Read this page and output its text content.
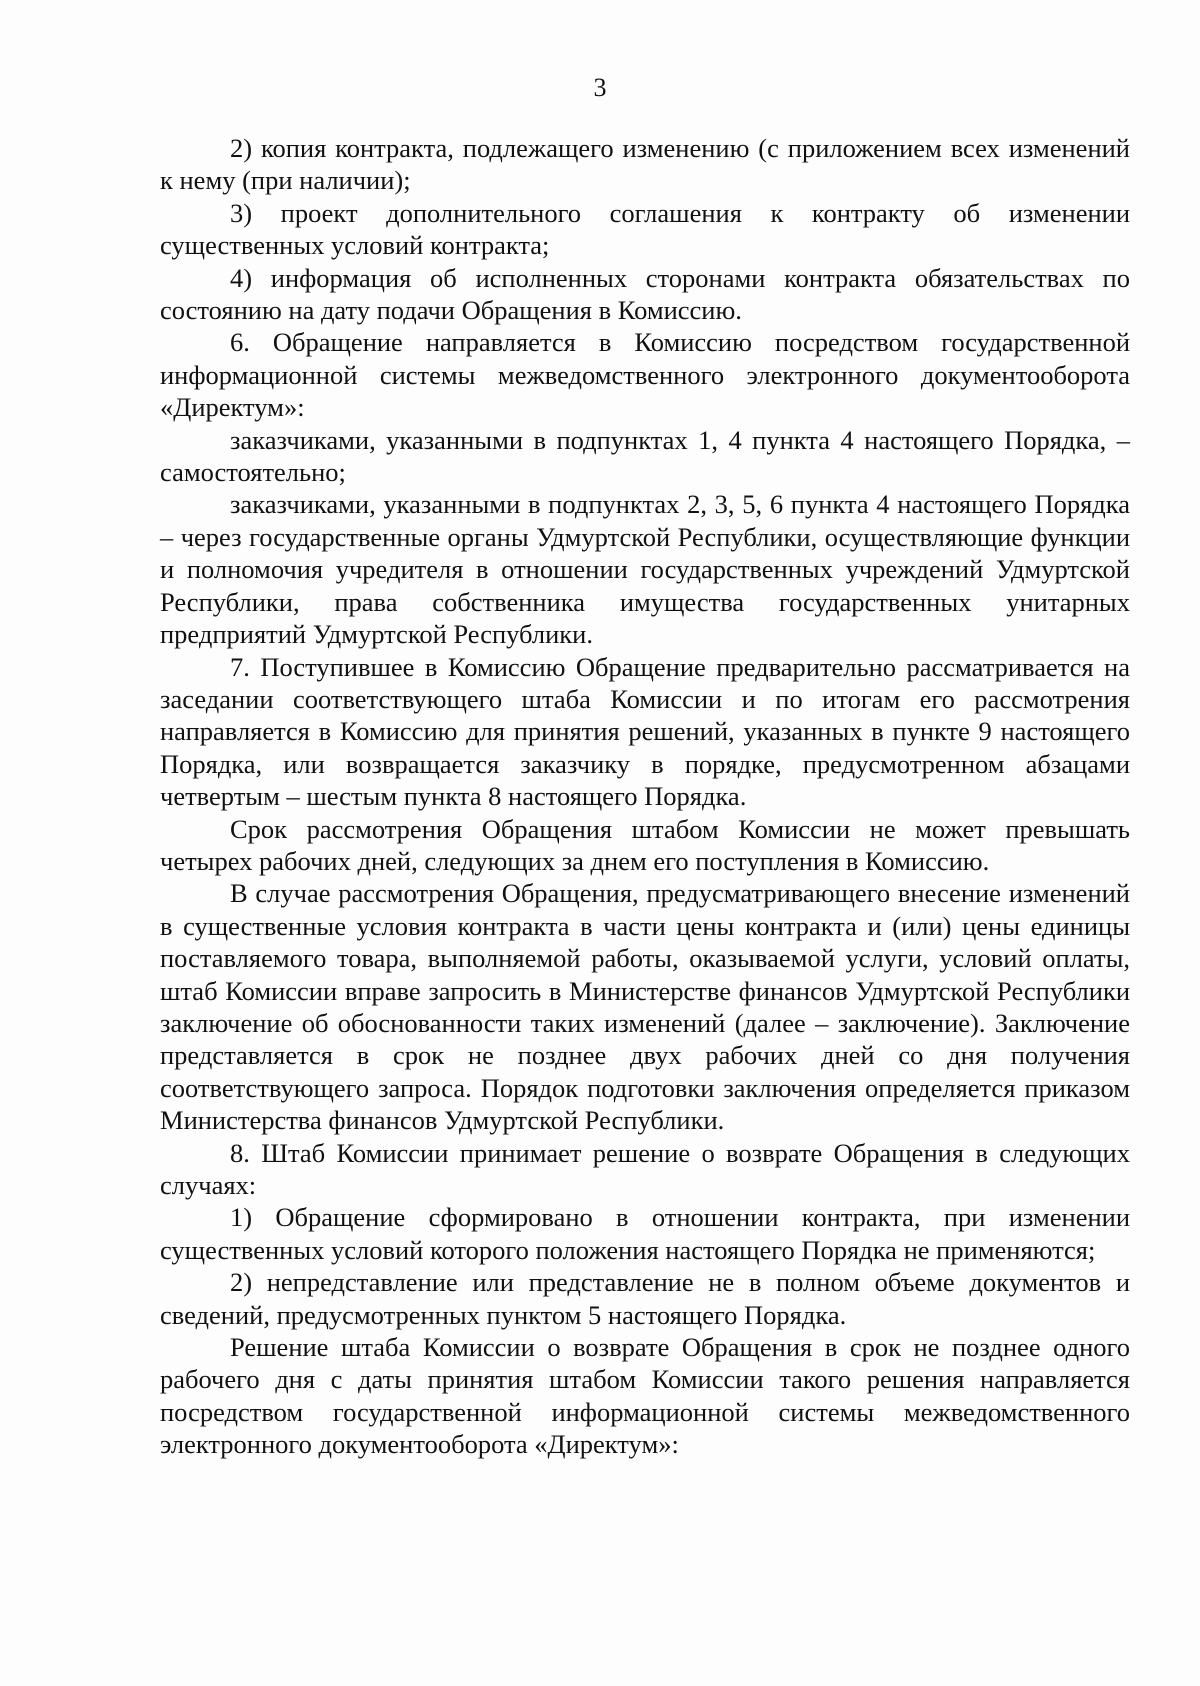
3

2) копия контракта, подлежащего изменению (с приложением всех изменений к нему (при наличии);

3) проект дополнительного соглашения к контракту об изменении существенных условий контракта;

4) информация об исполненных сторонами контракта обязательствах по состоянию на дату подачи Обращения в Комиссию.

6. Обращение направляется в Комиссию посредством государственной информационной системы межведомственного электронного документооборота «Директум»:

заказчиками, указанными в подпунктах 1, 4 пункта 4 настоящего Порядка, – самостоятельно;

заказчиками, указанными в подпунктах 2, 3, 5, 6 пункта 4 настоящего Порядка – через государственные органы Удмуртской Республики, осуществляющие функции и полномочия учредителя в отношении государственных учреждений Удмуртской Республики, права собственника имущества государственных унитарных предприятий Удмуртской Республики.

7. Поступившее в Комиссию Обращение предварительно рассматривается на заседании соответствующего штаба Комиссии и по итогам его рассмотрения направляется в Комиссию для принятия решений, указанных в пункте 9 настоящего Порядка, или возвращается заказчику в порядке, предусмотренном абзацами четвертым – шестым пункта 8 настоящего Порядка.

Срок рассмотрения Обращения штабом Комиссии не может превышать четырех рабочих дней, следующих за днем его поступления в Комиссию.

В случае рассмотрения Обращения, предусматривающего внесение изменений в существенные условия контракта в части цены контракта и (или) цены единицы поставляемого товара, выполняемой работы, оказываемой услуги, условий оплаты, штаб Комиссии вправе запросить в Министерстве финансов Удмуртской Республики заключение об обоснованности таких изменений (далее – заключение). Заключение представляется в срок не позднее двух рабочих дней со дня получения соответствующего запроса. Порядок подготовки заключения определяется приказом Министерства финансов Удмуртской Республики.

8. Штаб Комиссии принимает решение о возврате Обращения в следующих случаях:

1) Обращение сформировано в отношении контракта, при изменении существенных условий которого положения настоящего Порядка не применяются;

2) непредставление или представление не в полном объеме документов и сведений, предусмотренных пунктом 5 настоящего Порядка.

Решение штаба Комиссии о возврате Обращения в срок не позднее одного рабочего дня с даты принятия штабом Комиссии такого решения направляется посредством государственной информационной системы межведомственного электронного документооборота «Директум»:
